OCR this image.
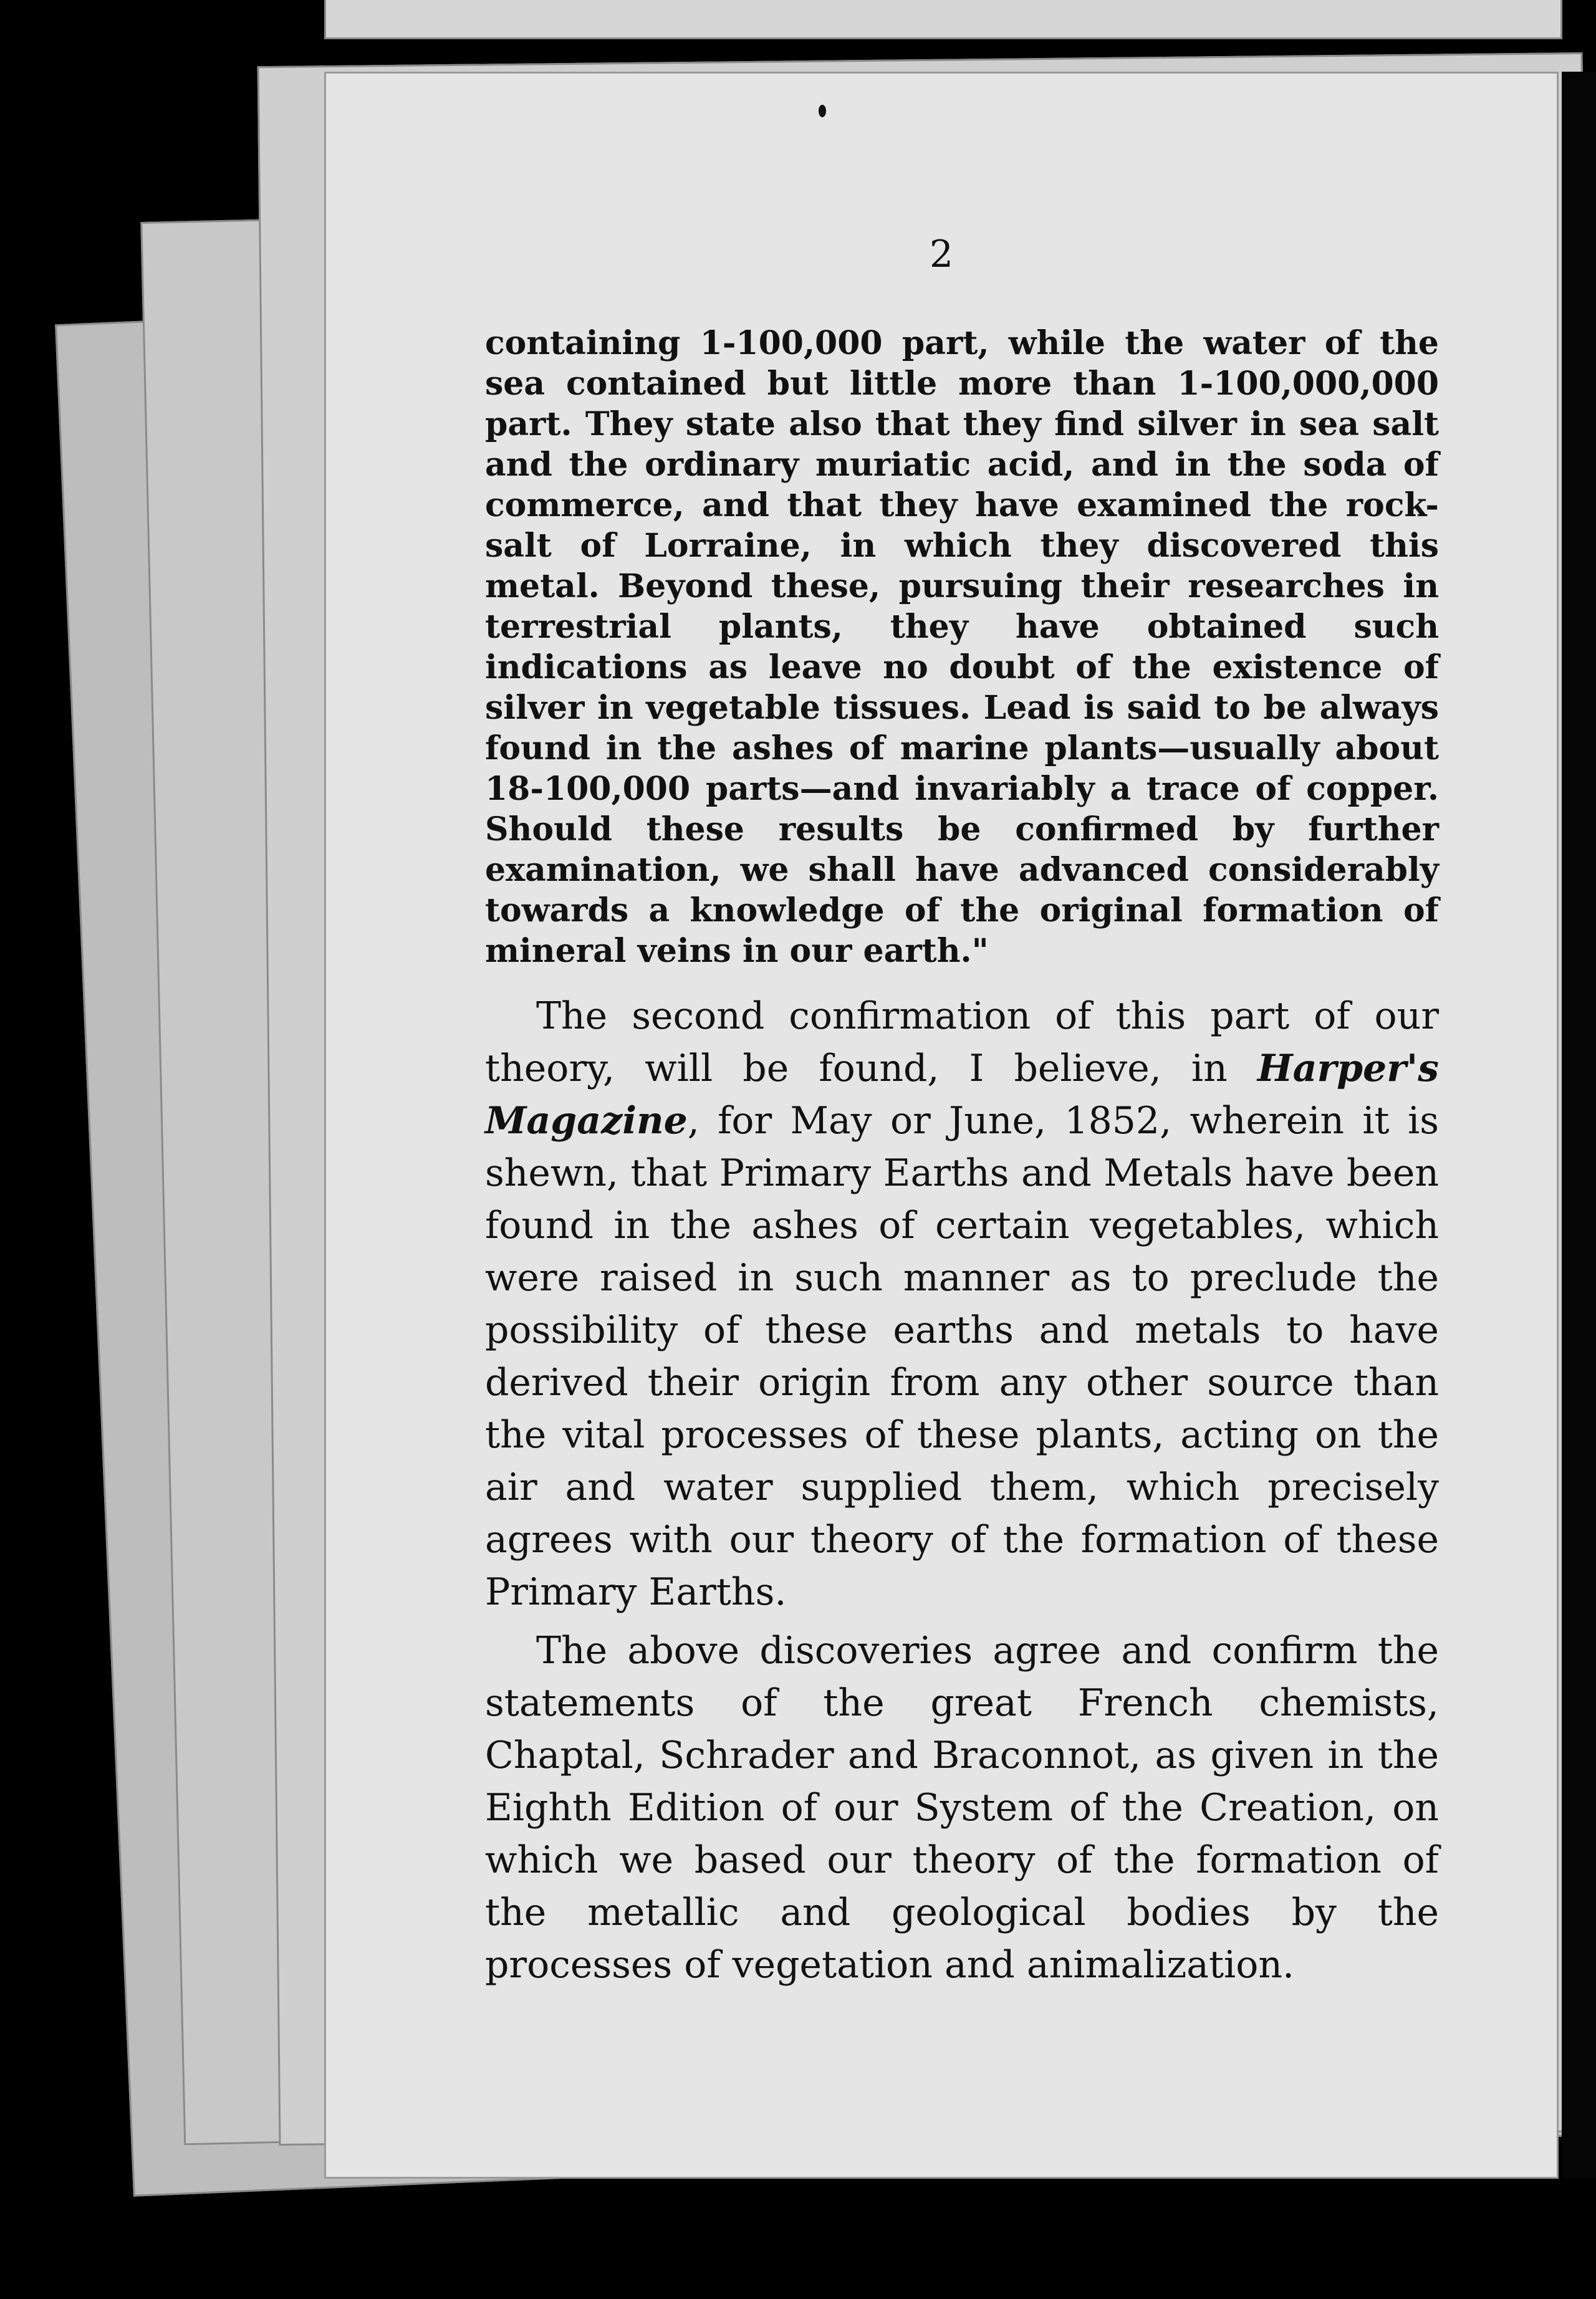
2

containing 1-100,000 part, while the water of the sea contained but little more than 1-100,000,000 part. They state also that they find silver in sea salt and the ordinary muriatic acid, and in the soda of commerce, and that they have examined the rock-salt of Lorraine, in which they discovered this metal. Beyond these, pursuing their researches in terrestrial plants, they have obtained such indications as leave no doubt of the existence of silver in vegetable tissues. Lead is said to be always found in the ashes of marine plants—usually about 18-100,000 parts—and invariably a trace of copper. Should these results be confirmed by further examination, we shall have advanced considerably towards a knowledge of the original formation of mineral veins in our earth."

The second confirmation of this part of our theory, will be found, I believe, in Harper's Magazine, for May or June, 1852, wherein it is shewn, that Primary Earths and Metals have been found in the ashes of certain vegetables, which were raised in such manner as to preclude the possibility of these earths and metals to have derived their origin from any other source than the vital processes of these plants, acting on the air and water supplied them, which precisely agrees with our theory of the formation of these Primary Earths.

The above discoveries agree and confirm the statements of the great French chemists, Chaptal, Schrader and Braconnot, as given in the Eighth Edition of our System of the Creation, on which we based our theory of the formation of the metallic and geological bodies by the processes of vegetation and animalization.
